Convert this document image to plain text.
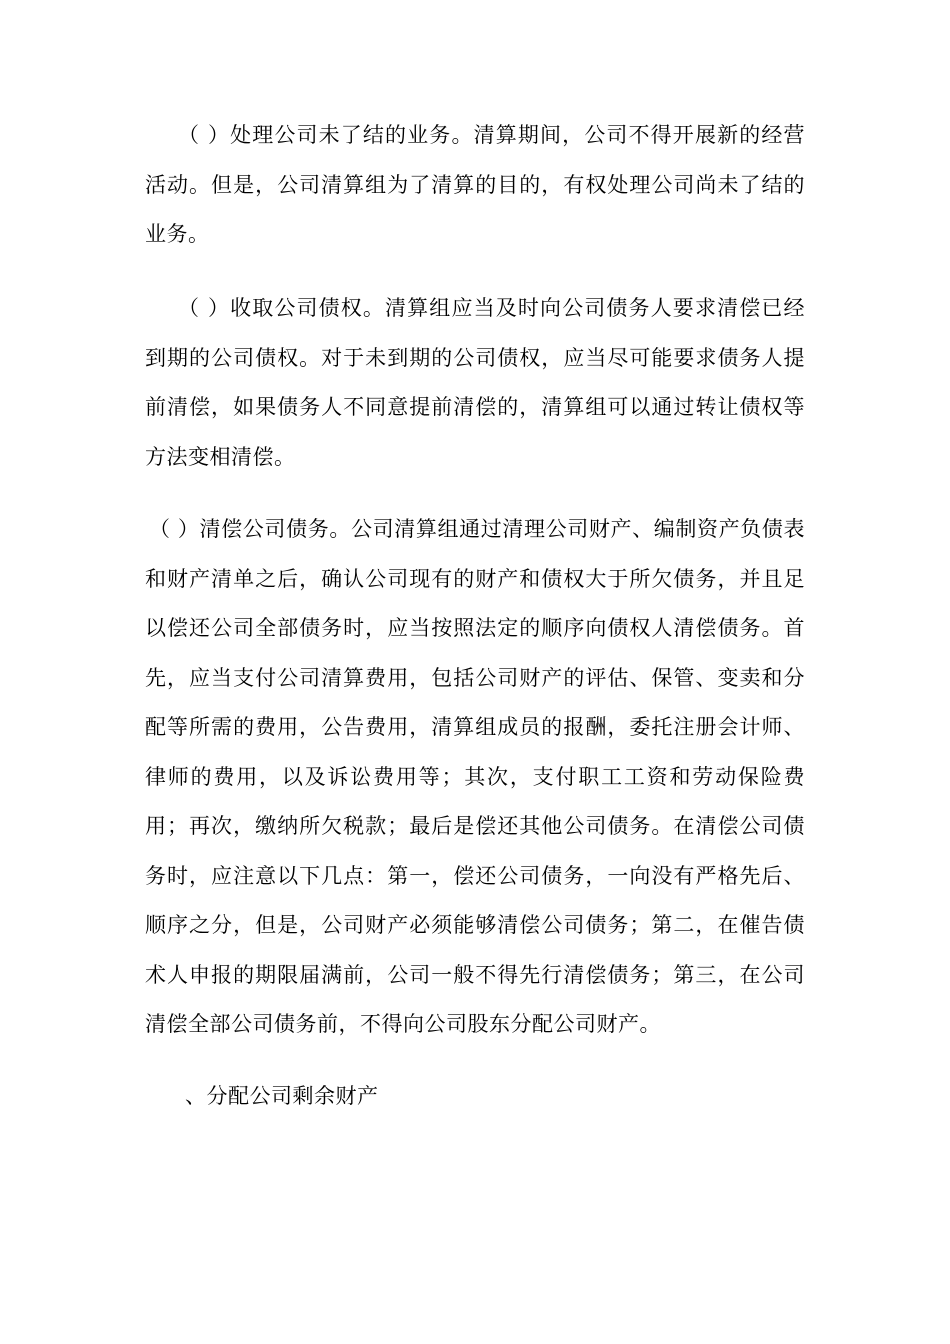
（ ）处理公司未了结的业务。清算期间，公司不得开展新的经营活动。但是，公司清算组为了清算的目的，有权处理公司尚未了结的业务。

（ ）收取公司债权。清算组应当及时向公司债务人要求清偿已经到期的公司债权。对于未到期的公司债权，应当尽可能要求债务人提前清偿，如果债务人不同意提前清偿的，清算组可以通过转让债权等方法变相清偿。

（ ）清偿公司债务。公司清算组通过清理公司财产、编制资产负债表和财产清单之后，确认公司现有的财产和债权大于所欠债务，并且足以偿还公司全部债务时，应当按照法定的顺序向债权人清偿债务。首先，应当支付公司清算费用，包括公司财产的评估、保管、变卖和分配等所需的费用，公告费用，清算组成员的报酬，委托注册会计师、律师的费用，以及诉讼费用等；其次，支付职工工资和劳动保险费用；再次，缴纳所欠税款；最后是偿还其他公司债务。在清偿公司债务时，应注意以下几点：第一，偿还公司债务，一向没有严格先后、顺序之分，但是，公司财产必须能够清偿公司债务；第二，在催告债术人申报的期限届满前，公司一般不得先行清偿债务；第三，在公司清偿全部公司债务前，不得向公司股东分配公司财产。

、分配公司剩余财产
